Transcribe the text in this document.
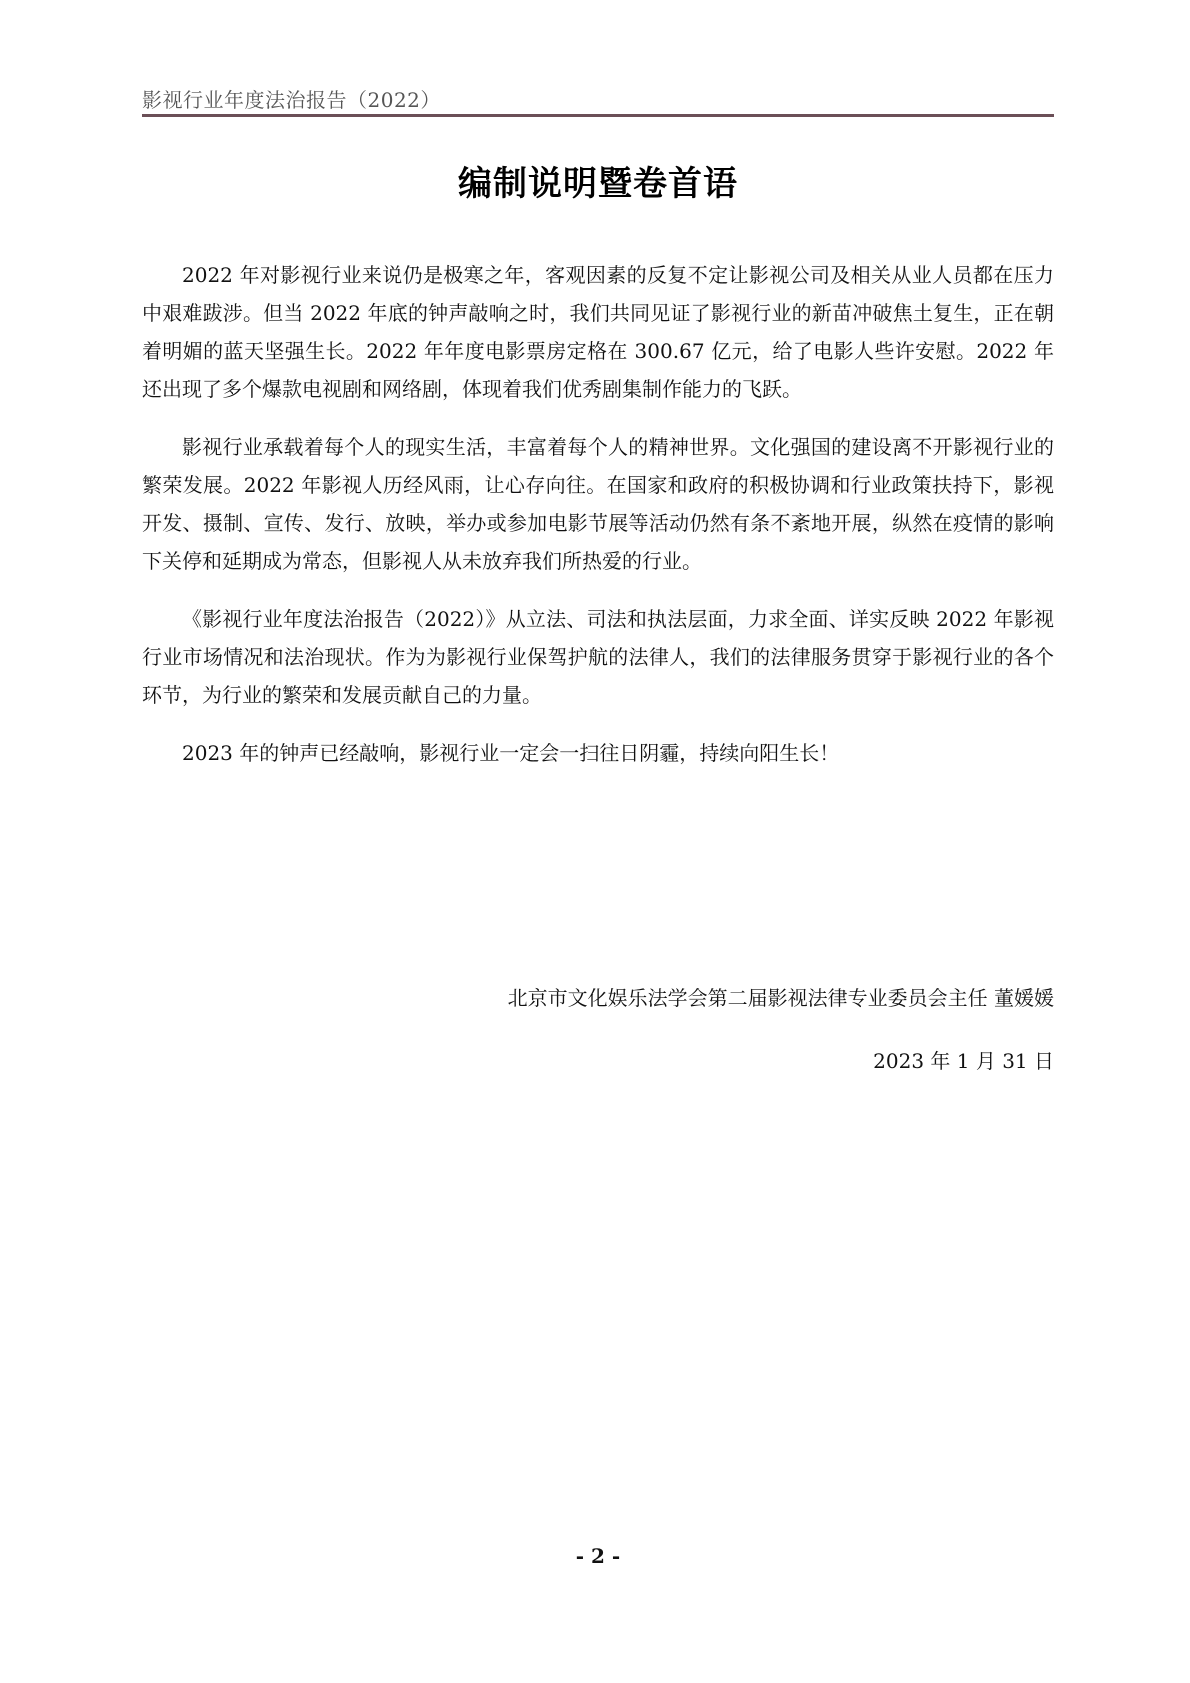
影视行业年度法治报告（2022）
编制说明暨卷首语

2022 年对影视行业来说仍是极寒之年，客观因素的反复不定让影视公司及相关从业人员都在压力中艰难跋涉。但当 2022 年底的钟声敲响之时，我们共同见证了影视行业的新苗冲破焦土复生，正在朝着明媚的蓝天坚强生长。2022 年年度电影票房定格在 300.67 亿元，给了电影人些许安慰。2022 年还出现了多个爆款电视剧和网络剧，体现着我们优秀剧集制作能力的飞跃。

影视行业承载着每个人的现实生活，丰富着每个人的精神世界。文化强国的建设离不开影视行业的繁荣发展。2022 年影视人历经风雨，让心存向往。在国家和政府的积极协调和行业政策扶持下，影视开发、摄制、宣传、发行、放映，举办或参加电影节展等活动仍然有条不紊地开展，纵然在疫情的影响下关停和延期成为常态，但影视人从未放弃我们所热爱的行业。

《影视行业年度法治报告（2022）》从立法、司法和执法层面，力求全面、详实反映 2022 年影视行业市场情况和法治现状。作为为影视行业保驾护航的法律人，我们的法律服务贯穿于影视行业的各个环节，为行业的繁荣和发展贡献自己的力量。

2023 年的钟声已经敲响，影视行业一定会一扫往日阴霾，持续向阳生长！

北京市文化娱乐法学会第二届影视法律专业委员会主任 董媛媛
2023 年 1 月 31 日
- 2 -
